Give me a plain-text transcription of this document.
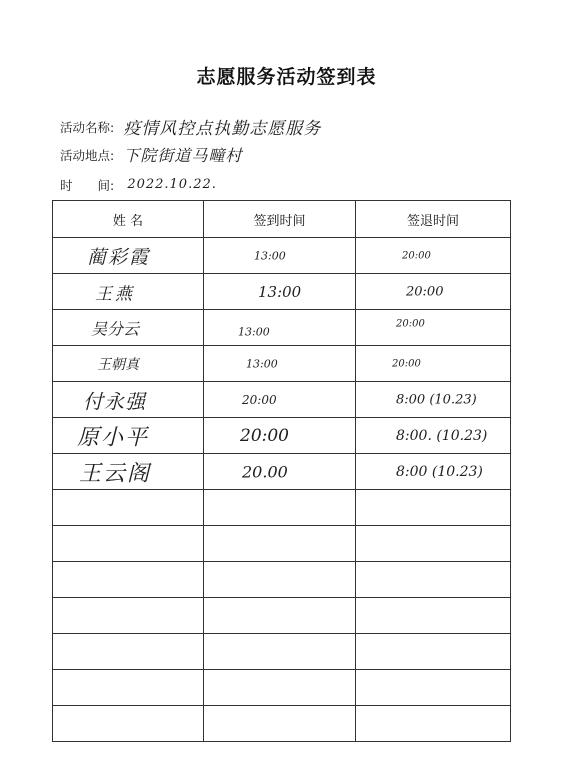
志愿服务活动签到表
活动名称: 疫情风控点执勤志愿服务
活动地点: 下院街道马疃村
时　　间: 2022.10.22.
姓 名	签到时间	签退时间

蔺彩霞	13:00	20:00

王燕	13:00	20:00

吴分云	13:00	20:00

王朝真	13:00	20:00

付永强	20:00	8:00 (10.23)

原小平	20:00	8:00. (10.23)

王云阁	20.00	8:00 (10.23)
